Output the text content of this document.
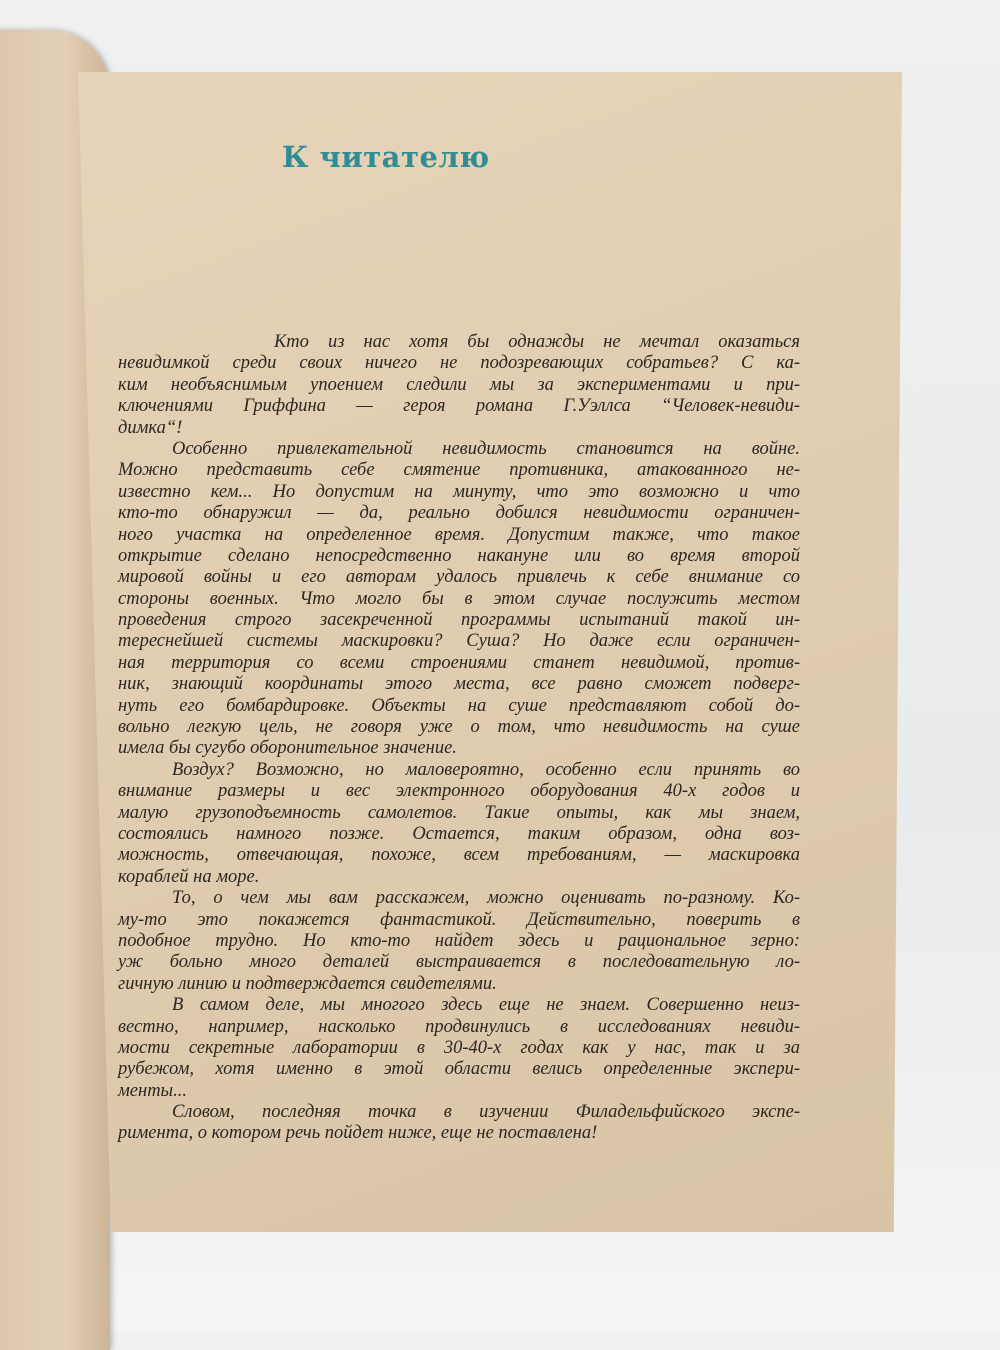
К читателю
Кто из нас хотя бы однажды не мечтал оказаться
невидимкой среди своих ничего не подозревающих собратьев? С ка-
ким необъяснимым упоением следили мы за экспериментами и при-
ключениями Гриффина — героя романа Г.Уэллса “Человек-невиди-
димка“!
Особенно привлекательной невидимость становится на войне.
Можно представить себе смятение противника, атакованного не-
известно кем... Но допустим на минуту, что это возможно и что
кто-то обнаружил — да, реально добился невидимости ограничен-
ного участка на определенное время. Допустим также, что такое
открытие сделано непосредственно накануне или во время второй
мировой войны и его авторам удалось привлечь к себе внимание со
стороны военных. Что могло бы в этом случае послужить местом
проведения строго засекреченной программы испытаний такой ин-
тереснейшей системы маскировки? Суша? Но даже если ограничен-
ная территория со всеми строениями станет невидимой, против-
ник, знающий координаты этого места, все равно сможет подверг-
нуть его бомбардировке. Объекты на суше представляют собой до-
вольно легкую цель, не говоря уже о том, что невидимость на суше
имела бы сугубо оборонительное значение.
Воздух? Возможно, но маловероятно, особенно если принять во
внимание размеры и вес электронного оборудования 40-х годов и
малую грузоподъемность самолетов. Такие опыты, как мы знаем,
состоялись намного позже. Остается, таким образом, одна воз-
можность, отвечающая, похоже, всем требованиям, — маскировка
кораблей на море.
То, о чем мы вам расскажем, можно оценивать по-разному. Ко-
му-то это покажется фантастикой. Действительно, поверить в
подобное трудно. Но кто-то найдет здесь и рациональное зерно:
уж больно много деталей выстраивается в последовательную ло-
гичную линию и подтверждается свидетелями.
В самом деле, мы многого здесь еще не знаем. Совершенно неиз-
вестно, например, насколько продвинулись в исследованиях невиди-
мости секретные лаборатории в 30-40-х годах как у нас, так и за
рубежом, хотя именно в этой области велись определенные экспери-
менты...
Словом, последняя точка в изучении Филадельфийского экспе-
римента, о котором речь пойдет ниже, еще не поставлена!
